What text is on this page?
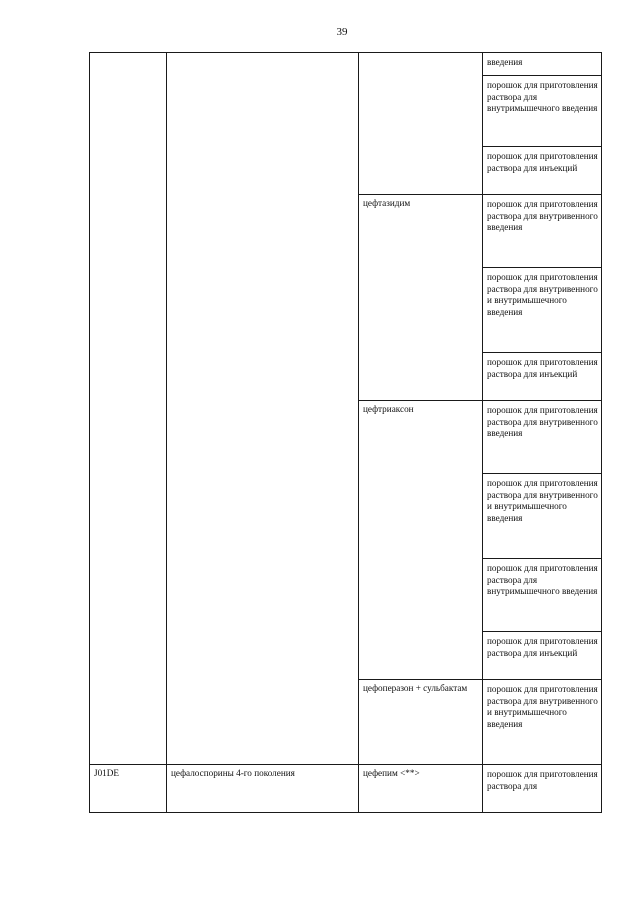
39
			введения
			порошок для приготовления раствора для внутримышечного введения
			порошок для приготовления раствора для инъекций
		цефтазидим	порошок для приготовления раствора для внутривенного введения
			порошок для приготовления раствора для внутривенного и внутримышечного введения
			порошок для приготовления раствора для инъекций
		цефтриаксон	порошок для приготовления раствора для внутривенного введения
			порошок для приготовления раствора для внутривенного и внутримышечного введения
			порошок для приготовления раствора для внутримышечного введения
			порошок для приготовления раствора для инъекций
		цефоперазон + сульбактам	порошок для приготовления раствора для внутривенного и внутримышечного введения
J01DE	цефалоспорины 4-го поколения	цефепим <**>	порошок для приготовления раствора для
